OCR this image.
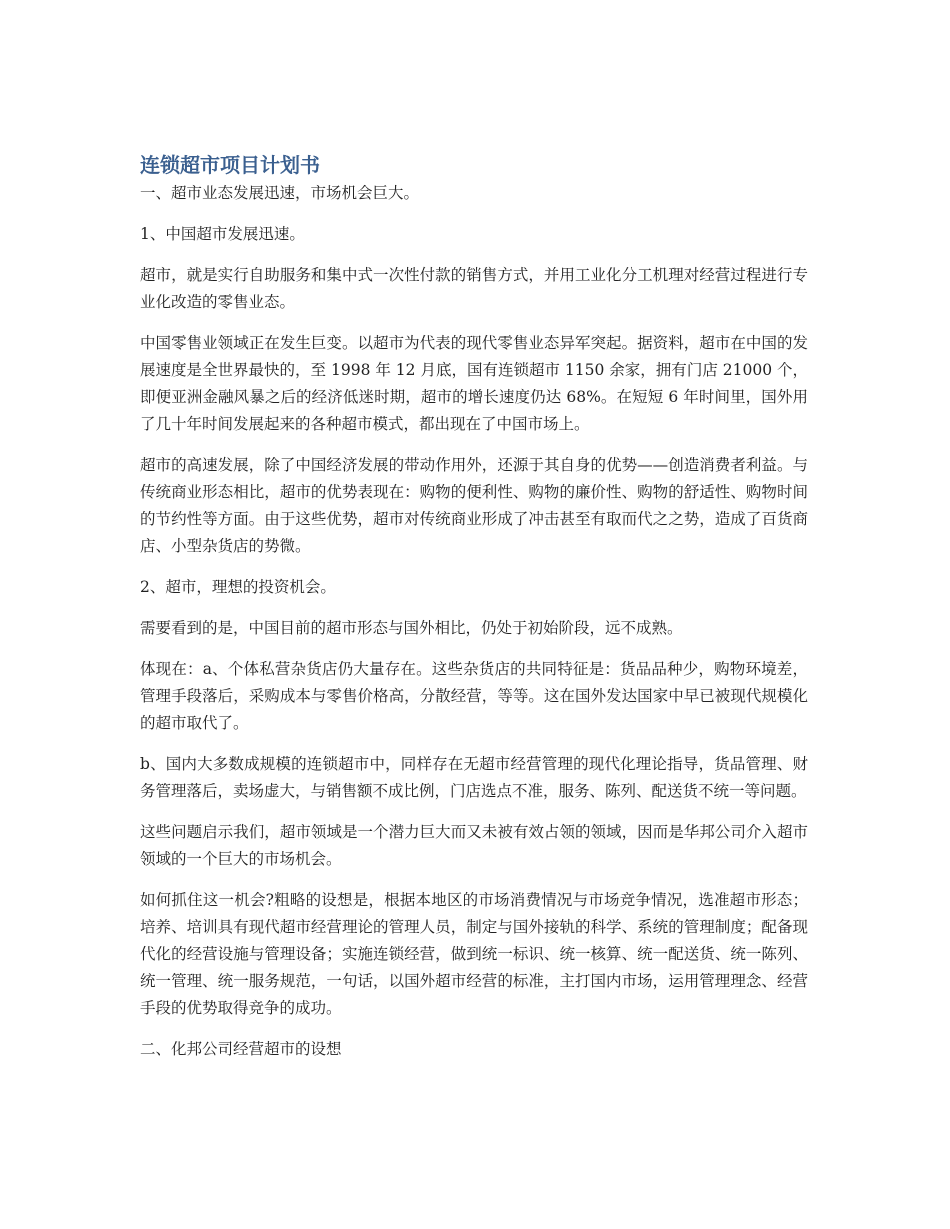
连锁超市项目计划书

一、超市业态发展迅速，市场机会巨大。

1、中国超市发展迅速。

超市，就是实行自助服务和集中式一次性付款的销售方式，并用工业化分工机理对经营过程进行专业化改造的零售业态。

中国零售业领域正在发生巨变。以超市为代表的现代零售业态异军突起。据资料，超市在中国的发展速度是全世界最快的，至 1998 年 12 月底，国有连锁超市 1150 余家，拥有门店 21000 个，即便亚洲金融风暴之后的经济低迷时期，超市的增长速度仍达 68%。在短短 6 年时间里，国外用了几十年时间发展起来的各种超市模式，都出现在了中国市场上。

超市的高速发展，除了中国经济发展的带动作用外，还源于其自身的优势——创造消费者利益。与传统商业形态相比，超市的优势表现在：购物的便利性、购物的廉价性、购物的舒适性、购物时间的节约性等方面。由于这些优势，超市对传统商业形成了冲击甚至有取而代之之势，造成了百货商店、小型杂货店的势微。

2、超市，理想的投资机会。

需要看到的是，中国目前的超市形态与国外相比，仍处于初始阶段，远不成熟。

体现在：a、个体私营杂货店仍大量存在。这些杂货店的共同特征是：货品品种少，购物环境差，管理手段落后，采购成本与零售价格高，分散经营，等等。这在国外发达国家中早已被现代规模化的超市取代了。

b、国内大多数成规模的连锁超市中，同样存在无超市经营管理的现代化理论指导，货品管理、财务管理落后，卖场虚大，与销售额不成比例，门店选点不准，服务、陈列、配送货不统一等问题。

这些问题启示我们，超市领域是一个潜力巨大而又未被有效占领的领域，因而是华邦公司介入超市领域的一个巨大的市场机会。

如何抓住这一机会?粗略的设想是，根据本地区的市场消费情况与市场竞争情况，选准超市形态；培养、培训具有现代超市经营理论的管理人员，制定与国外接轨的科学、系统的管理制度；配备现代化的经营设施与管理设备；实施连锁经营，做到统一标识、统一核算、统一配送货、统一陈列、统一管理、统一服务规范，一句话，以国外超市经营的标准，主打国内市场，运用管理理念、经营手段的优势取得竞争的成功。

二、化邦公司经营超市的设想
